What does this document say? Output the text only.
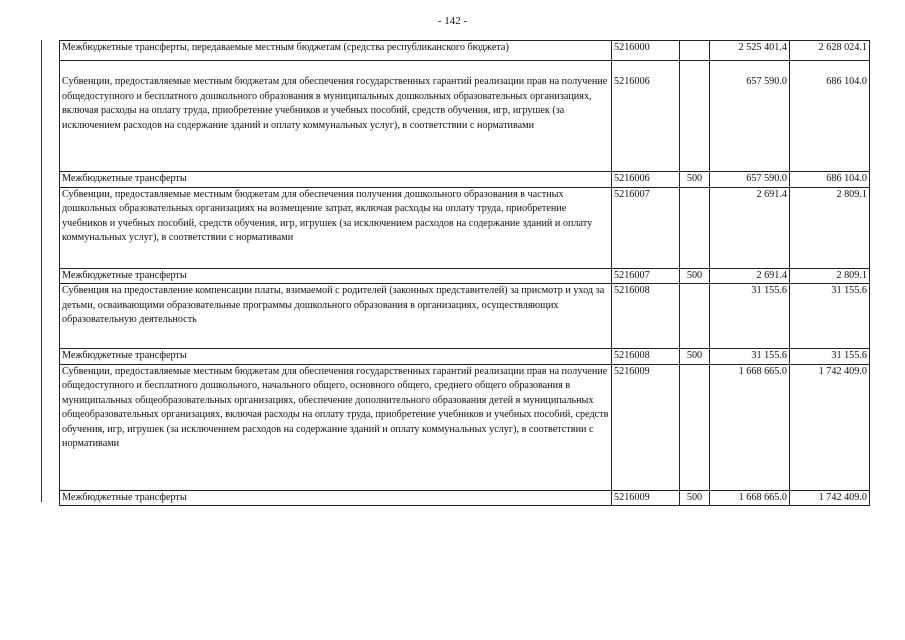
- 142 -
Межбюджетные трансферты, передаваемые местным бюджетам (средства республиканского бюджета)	5216000		2 525 401.4	2 628 024.1
Субвенции, предоставляемые местным бюджетам для обеспечения государственных гарантий реализации прав на получение общедоступного и бесплатного дошкольного образования в муниципальных дошкольных образовательных организациях, включая расходы на оплату труда, приобретение учебников и учебных пособий, средств обучения, игр, игрушек (за исключением расходов на содержание зданий и оплату коммунальных услуг), в соответствии с нормативами	5216006		657 590.0	686 104.0
Межбюджетные трансферты	5216006	500	657 590.0	686 104.0
Субвенции, предоставляемые местным бюджетам для обеспечения получения дошкольного образования в частных дошкольных образовательных организациях на возмещение затрат, включая расходы на оплату труда, приобретение учебников и учебных пособий, средств обучения, игр, игрушек (за исключением расходов на содержание зданий и оплату коммунальных услуг), в соответствии с нормативами	5216007		2 691.4	2 809.1
Межбюджетные трансферты	5216007	500	2 691.4	2 809.1
Субвенция на предоставление компенсации платы, взимаемой с родителей (законных представителей) за присмотр и уход за детьми, осваивающими образовательные программы дошкольного образования в организациях, осуществляющих образовательную деятельность	5216008		31 155.6	31 155.6
Межбюджетные трансферты	5216008	500	31 155.6	31 155.6
Субвенции, предоставляемые местным бюджетам для обеспечения государственных гарантий реализации прав на получение общедоступного и бесплатного дошкольного, начального общего, основного общего, среднего общего образования в муниципальных общеобразовательных организациях, обеспечение дополнительного образования детей в муниципальных общеобразовательных организациях, включая расходы на оплату труда, приобретение учебников и учебных пособий, средств обучения, игр, игрушек (за исключением расходов на содержание зданий и оплату коммунальных услуг), в соответствии с нормативами	5216009		1 668 665.0	1 742 409.0
Межбюджетные трансферты	5216009	500	1 668 665.0	1 742 409.0
